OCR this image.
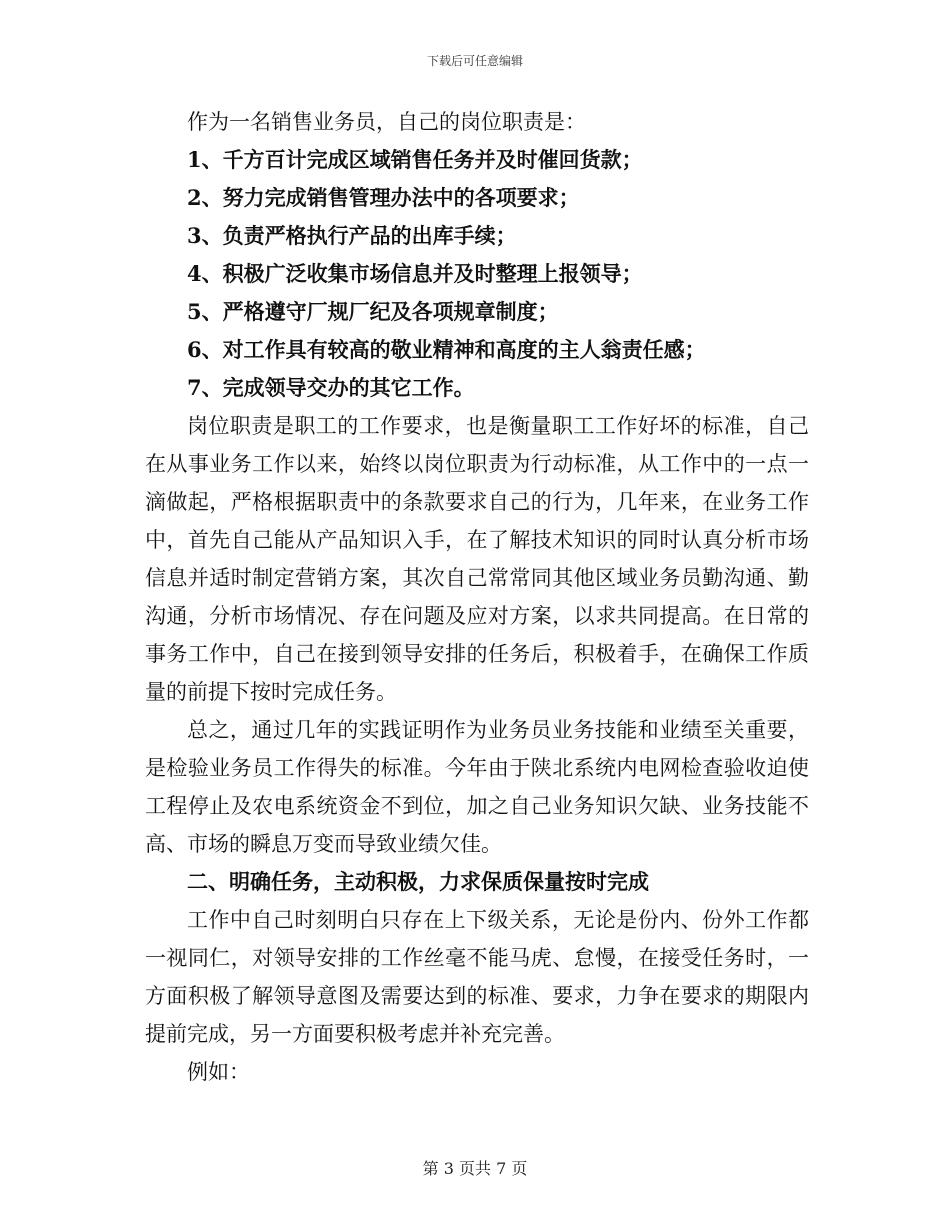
下载后可任意编辑

作为一名销售业务员，自己的岗位职责是：

1、千方百计完成区域销售任务并及时催回货款；

2、努力完成销售管理办法中的各项要求；

3、负责严格执行产品的出库手续；

4、积极广泛收集市场信息并及时整理上报领导；

5、严格遵守厂规厂纪及各项规章制度；

6、对工作具有较高的敬业精神和高度的主人翁责任感；

7、完成领导交办的其它工作。

岗位职责是职工的工作要求，也是衡量职工工作好坏的标准，自己在从事业务工作以来，始终以岗位职责为行动标准，从工作中的一点一滴做起，严格根据职责中的条款要求自己的行为，几年来，在业务工作中，首先自己能从产品知识入手，在了解技术知识的同时认真分析市场信息并适时制定营销方案，其次自己常常同其他区域业务员勤沟通、勤沟通，分析市场情况、存在问题及应对方案，以求共同提高。在日常的事务工作中，自己在接到领导安排的任务后，积极着手，在确保工作质量的前提下按时完成任务。

总之，通过几年的实践证明作为业务员业务技能和业绩至关重要，是检验业务员工作得失的标准。今年由于陕北系统内电网检查验收迫使工程停止及农电系统资金不到位，加之自己业务知识欠缺、业务技能不高、市场的瞬息万变而导致业绩欠佳。

二、明确任务，主动积极，力求保质保量按时完成

工作中自己时刻明白只存在上下级关系，无论是份内、份外工作都一视同仁，对领导安排的工作丝毫不能马虎、怠慢，在接受任务时，一方面积极了解领导意图及需要达到的标准、要求，力争在要求的期限内提前完成，另一方面要积极考虑并补充完善。

例如：

第 3 页共 7 页
